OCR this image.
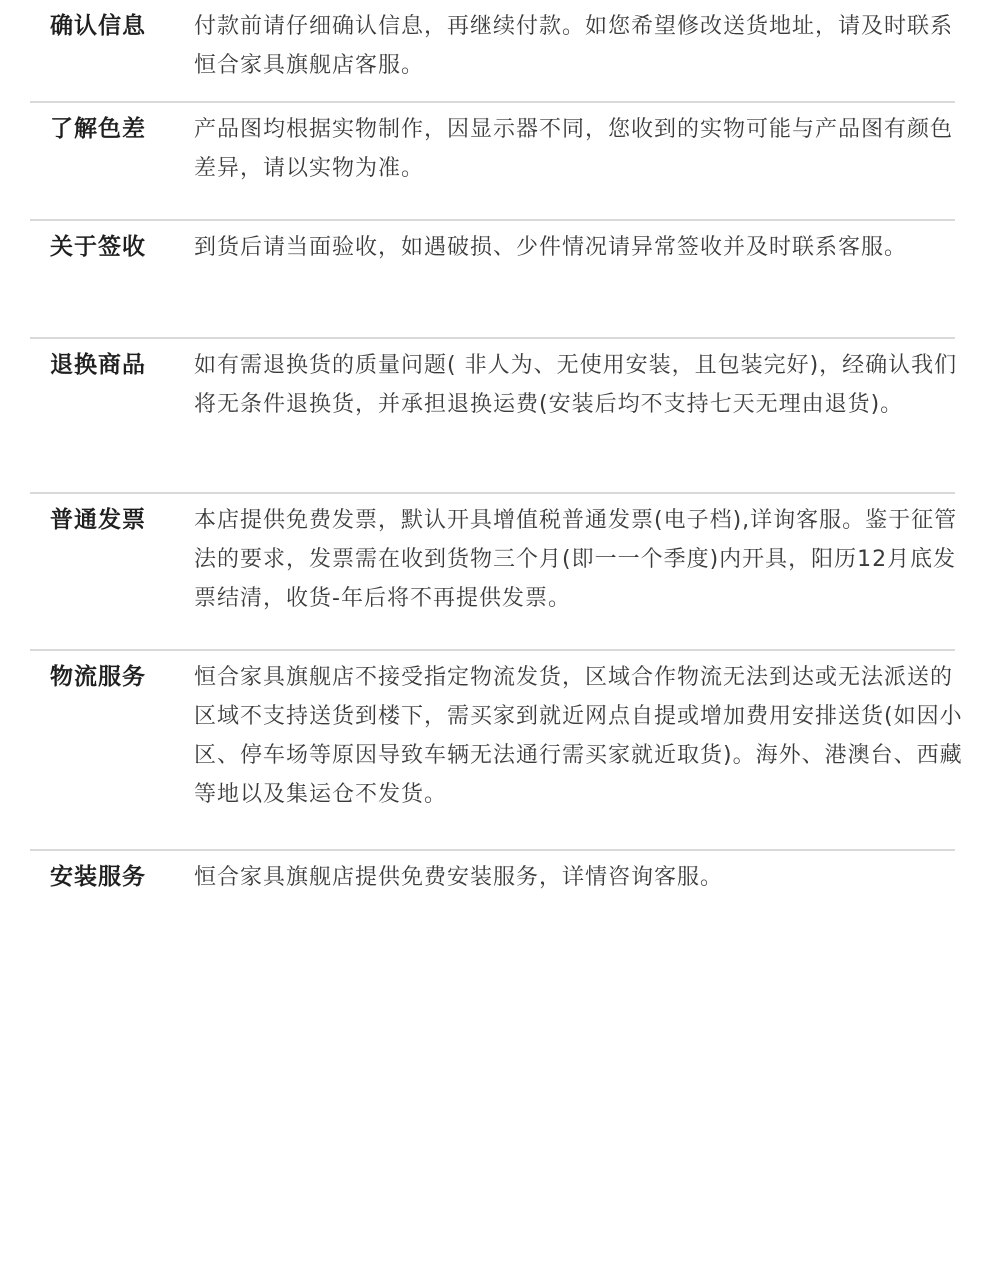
确认信息 付款前请仔细确认信息，再继续付款。如您希望修改送货地址，请及时联系恒合家具旗舰店客服。

了解色差 产品图均根据实物制作，因显示器不同，您收到的实物可能与产品图有颜色差异，请以实物为准。

关于签收 到货后请当面验收，如遇破损、少件情况请异常签收并及时联系客服。

退换商品 如有需退换货的质量问题( 非人为、无使用安装，且包装完好)，经确认我们将无条件退换货，并承担退换运费(安装后均不支持七天无理由退货)。

普通发票 本店提供免费发票，默认开具增值税普通发票(电子档),详询客服。鉴于征管法的要求，发票需在收到货物三个月(即一一个季度)内开具，阳历12月底发票结清，收货-年后将不再提供发票。

物流服务 恒合家具旗舰店不接受指定物流发货，区域合作物流无法到达或无法派送的区域不支持送货到楼下，需买家到就近网点自提或增加费用安排送货(如因小区、停车场等原因导致车辆无法通行需买家就近取货)。海外、港澳台、西藏等地以及集运仓不发货。

安装服务 恒合家具旗舰店提供免费安装服务，详情咨询客服。
